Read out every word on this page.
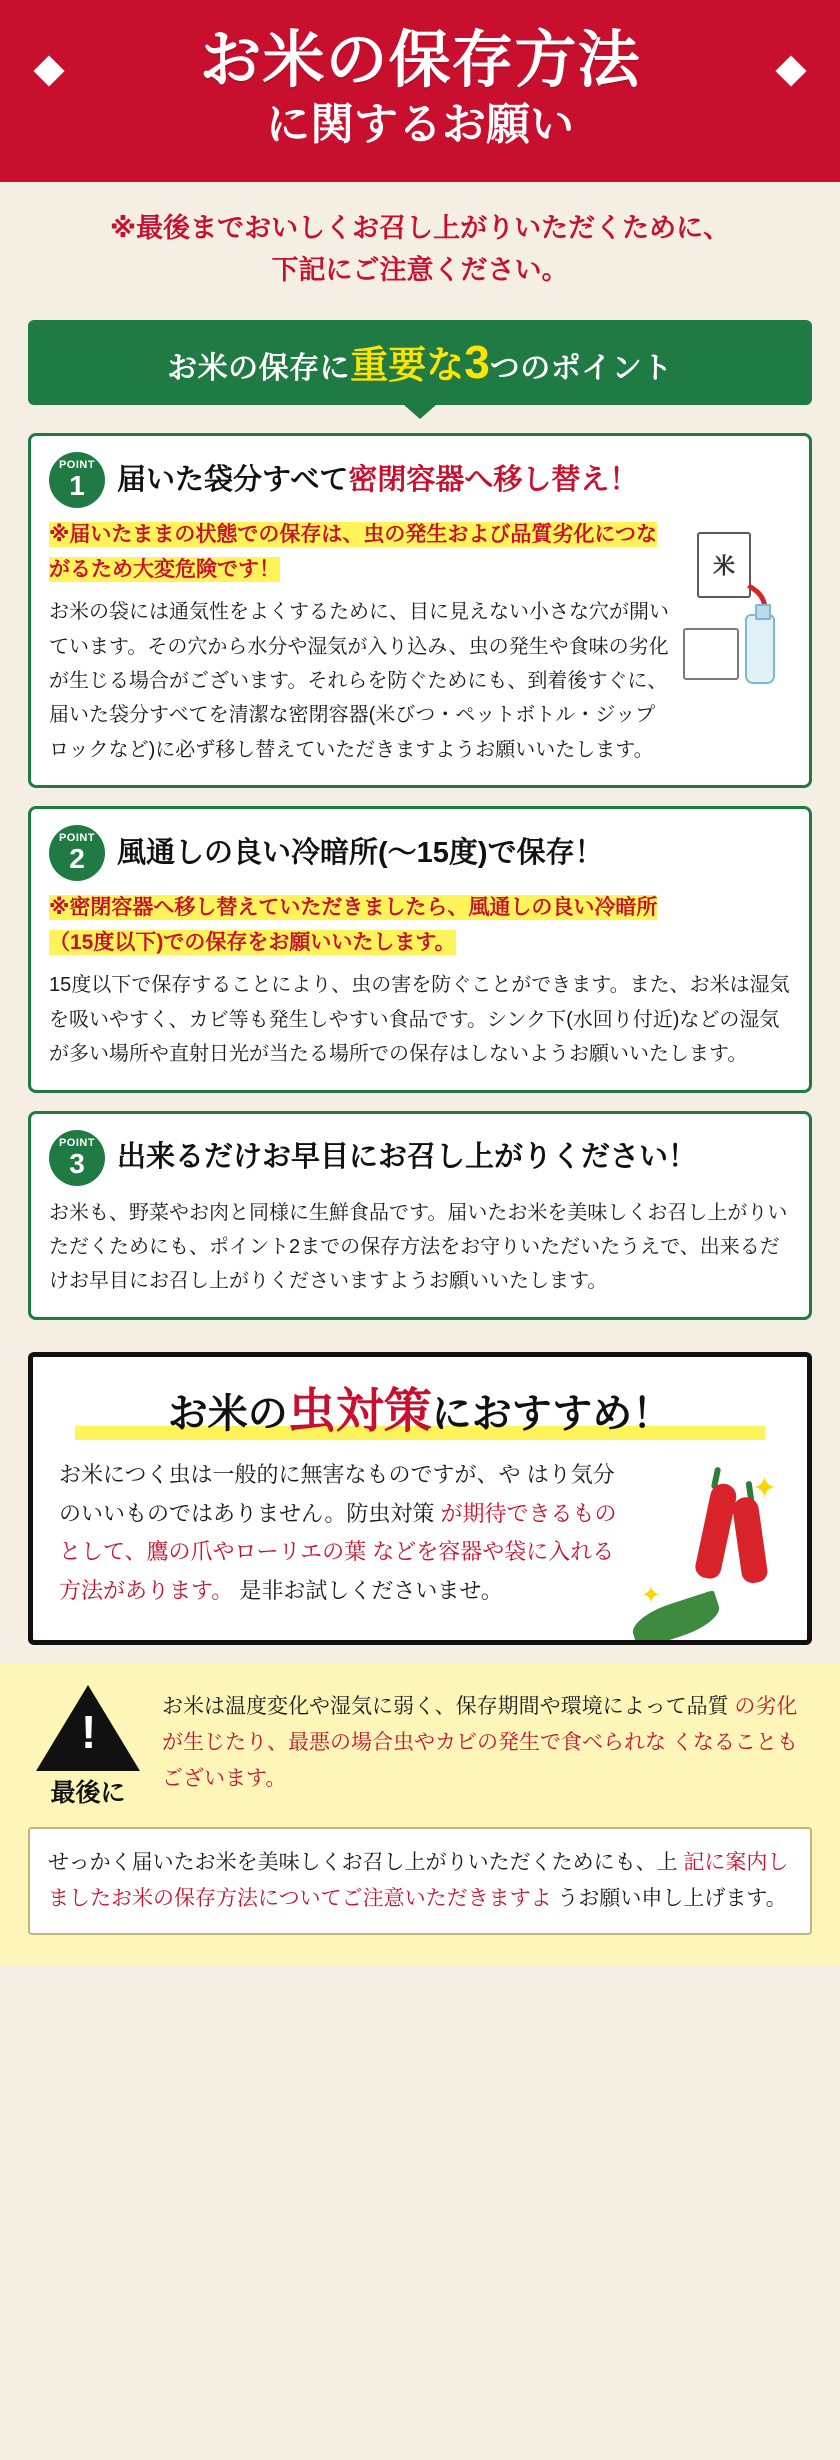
お米の保存方法
に関するお願い
※最後までおいしくお召し上がりいただくために、
下記にご注意ください。
お米の保存に重要な3つのポイント
POINT
1 届いた袋分すべて密閉容器へ移し替え！
※届いたままの状態での保存は、虫の発生および品質劣化につな
がるため大変危険です！
お米の袋には通気性をよくするために、目に見えない小さな穴が開いています。その穴から水分や湿気が入り込み、虫の発生や食味の劣化が生じる場合がございます。それらを防ぐためにも、到着後すぐに、届いた袋分すべてを清潔な密閉容器(米びつ・ペットボトル・ジップロックなど)に必ず移し替えていただきますようお願いいたします。
米
POINT
2 風通しの良い冷暗所(～15度)で保存！
※密閉容器へ移し替えていただきましたら、風通しの良い冷暗所
（15度以下)での保存をお願いいたします。
15度以下で保存することにより、虫の害を防ぐことができます。また、お米は湿気を吸いやすく、カビ等も発生しやすい食品です。シンク下(水回り付近)などの湿気が多い場所や直射日光が当たる場所での保存はしないようお願いいたします。
POINT
3 出来るだけお早目にお召し上がりください！
お米も、野菜やお肉と同様に生鮮食品です。届いたお米を美味しくお召し上がりいただくためにも、ポイント2までの保存方法をお守りいただいたうえで、出来るだけお早目にお召し上がりくださいますようお願いいたします。
お米の虫対策におすすめ！
お米につく虫は一般的に無害なものですが、や はり気分のいいものではありません。防虫対策 が期待できるものとして、鷹の爪やローリエの葉 などを容器や袋に入れる方法があります。 是非お試しくださいませ。
✦
✦
!
最後に
お米は温度変化や湿気に弱く、保存期間や環境によって品質 の劣化が生じたり、最悪の場合虫やカビの発生で食べられな くなることもございます。
せっかく届いたお米を美味しくお召し上がりいただくためにも、上 記に案内しましたお米の保存方法についてご注意いただきますよ うお願い申し上げます。
